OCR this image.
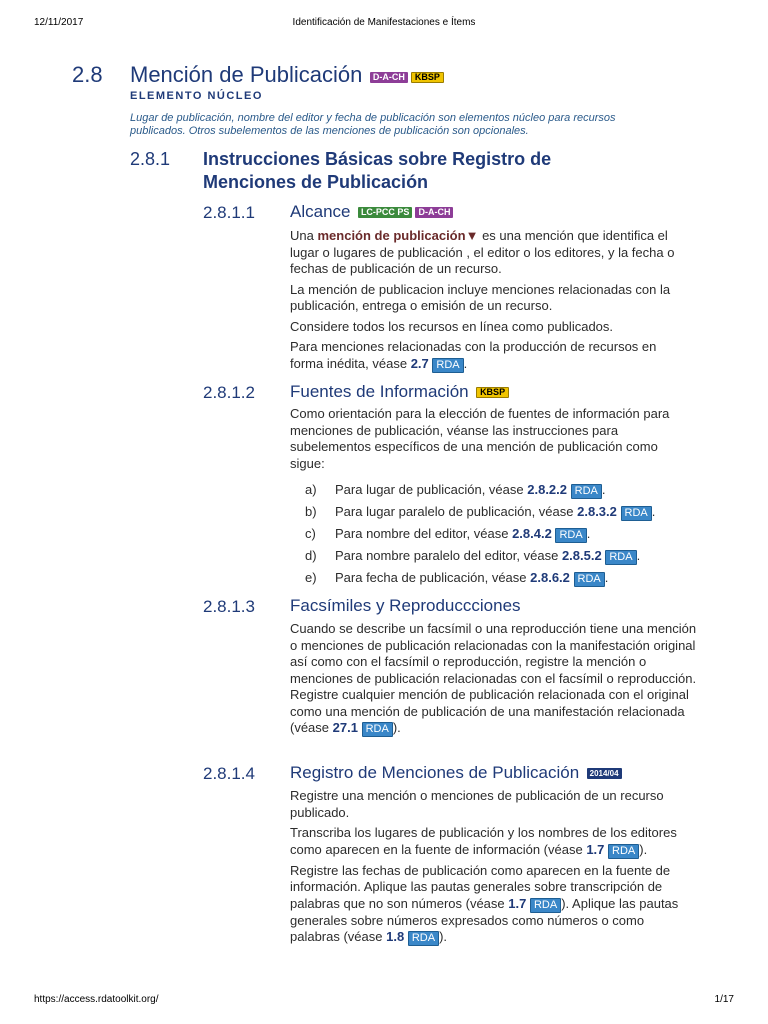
12/11/2017	Identificación de Manifestaciones e Ítems
2.8 Mención de Publicación D-A-CH KBSP
ELEMENTO NÚCLEO
Lugar de publicación, nombre del editor y fecha de publicación son elementos núcleo para recursos publicados. Otros subelementos de las menciones de publicación son opcionales.
2.8.1 Instrucciones Básicas sobre Registro de
Menciones de Publicación
2.8.1.1 Alcance LC-PCC PS D-A-CH

Una mención de publicación▼ es una mención que identifica el lugar o lugares de publicación , el editor o los editores, y la fecha o fechas de publicación de un recurso.

La mención de publicacion incluye menciones relacionadas con la publicación, entrega o emisión de un recurso.

Considere todos los recursos en línea como publicados.

Para menciones relacionadas con la producción de recursos en forma inédita, véase 2.7 RDA .

2.8.1.2 Fuentes de Información KBSP
Como orientación para la elección de fuentes de información para menciones de publicación, véanse las instrucciones para subelementos específicos de una mención de publicación como sigue:
a) Para lugar de publicación, véase 2.8.2.2 RDA .
b) Para lugar paralelo de publicación, véase 2.8.3.2 RDA .
c) Para nombre del editor, véase 2.8.4.2 RDA .
d) Para nombre paralelo del editor, véase 2.8.5.2 RDA .
e) Para fecha de publicación, véase 2.8.6.2 RDA .
2.8.1.3 Facsímiles y Reproduccciones
Cuando se describe un facsímil o una reproducción tiene una mención o menciones de publicación relacionadas con la manifestación original así como con el facsímil o reproducción, registre la mención o menciones de publicación relacionadas con el facsímil o reproducción. Registre cualquier mención de publicación relacionada con el original como una mención de publicación de una manifestación relacionada (véase 27.1 RDA ).
2.8.1.4 Registro de Menciones de Publicación 2014/04

Registre una mención o menciones de publicación de un recurso publicado.

Transcriba los lugares de publicación y los nombres de los editores como aparecen en la fuente de información (véase 1.7 RDA ).

Registre las fechas de publicación como aparecen en la fuente de información. Aplique las pautas generales sobre transcripción de palabras que no son números (véase 1.7 RDA ). Aplique las pautas generales sobre números expresados como números o como palabras (véase 1.8 RDA ).

https://access.rdatoolkit.org/	1/17
